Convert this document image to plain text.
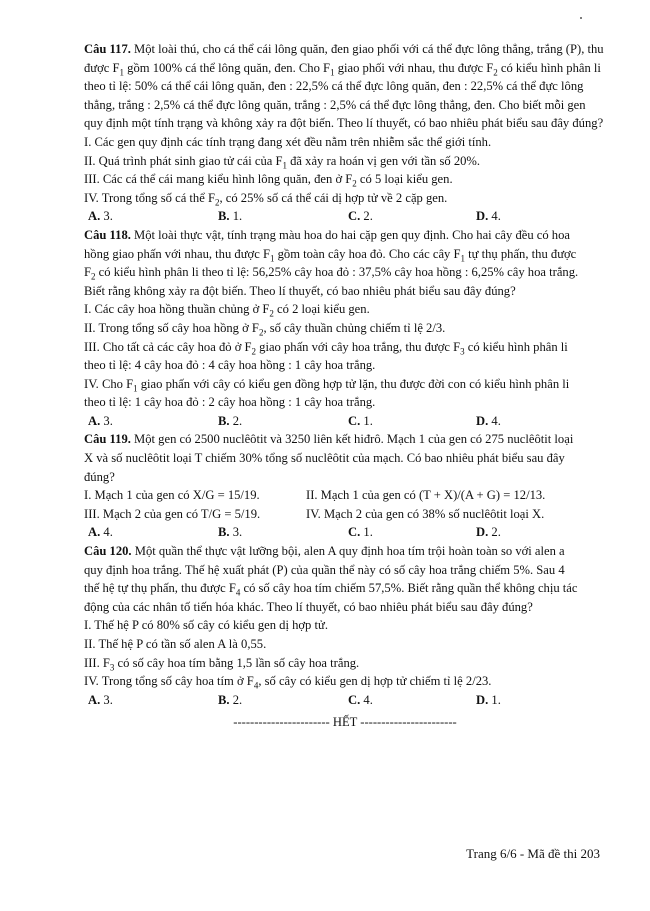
Câu 117. Một loài thú, cho cá thể cái lông quăn, đen giao phối với cá thể đực lông thẳng, trắng (P), thu

được $F_1$ gồm 100% cá thể lông quăn, đen. Cho $F_1$ giao phối với nhau, thu được $F_2$ có kiểu hình phân li

theo tỉ lệ: 50% cá thể cái lông quăn, đen : 22,5% cá thể đực lông quăn, đen : 22,5% cá thể đực lông

thẳng, trắng : 2,5% cá thể đực lông quăn, trắng : 2,5% cá thể đực lông thẳng, đen. Cho biết mỗi gen

quy định một tính trạng và không xảy ra đột biến. Theo lí thuyết, có bao nhiêu phát biểu sau đây đúng?

I. Các gen quy định các tính trạng đang xét đều nằm trên nhiễm sắc thể giới tính.

II. Quá trình phát sinh giao tử cái của $F_1$ đã xảy ra hoán vị gen với tần số 20%.

III. Các cá thể cái mang kiểu hình lông quăn, đen ở $F_2$ có 5 loại kiểu gen.

IV. Trong tổng số cá thể $F_2$, có 25% số cá thể cái dị hợp tử về 2 cặp gen.

A. 3.	B. 1.	C. 2.	D. 4.

Câu 118. Một loài thực vật, tính trạng màu hoa do hai cặp gen quy định. Cho hai cây đều có hoa

hồng giao phấn với nhau, thu được $F_1$ gồm toàn cây hoa đỏ. Cho các cây $F_1$ tự thụ phấn, thu được

$F_2$ có kiểu hình phân li theo tỉ lệ: 56,25% cây hoa đỏ : 37,5% cây hoa hồng : 6,25% cây hoa trắng.

Biết rằng không xảy ra đột biến. Theo lí thuyết, có bao nhiêu phát biểu sau đây đúng?

I. Các cây hoa hồng thuần chủng ở $F_2$ có 2 loại kiểu gen.

II. Trong tổng số cây hoa hồng ở $F_2$, số cây thuần chủng chiếm tỉ lệ 2/3.

III. Cho tất cả các cây hoa đỏ ở $F_2$ giao phấn với cây hoa trắng, thu được $F_3$ có kiểu hình phân li

theo tỉ lệ: 4 cây hoa đỏ : 4 cây hoa hồng : 1 cây hoa trắng.

IV. Cho $F_1$ giao phấn với cây có kiểu gen đồng hợp tử lặn, thu được đời con có kiểu hình phân li

theo tỉ lệ: 1 cây hoa đỏ : 2 cây hoa hồng : 1 cây hoa trắng.

A. 3.	B. 2.	C. 1.	D. 4.

Câu 119. Một gen có 2500 nuclêôtit và 3250 liên kết hiđrô. Mạch 1 của gen có 275 nuclêôtit loại

X và số nuclêôtit loại T chiếm 30% tổng số nuclêôtit của mạch. Có bao nhiêu phát biểu sau đây

đúng?

I. Mạch 1 của gen có X/G = 15/19.	II. Mạch 1 của gen có (T + X)/(A + G) = 12/13.
III. Mạch 2 của gen có T/G = 5/19.	IV. Mạch 2 của gen có 38% số nuclêôtit loại X.
A. 4.	B. 3.	C. 1.	D. 2.

Câu 120. Một quần thể thực vật lưỡng bội, alen A quy định hoa tím trội hoàn toàn so với alen a

quy định hoa trắng. Thế hệ xuất phát (P) của quần thể này có số cây hoa trắng chiếm 5%. Sau 4

thế hệ tự thụ phấn, thu được $F_4$ có số cây hoa tím chiếm 57,5%. Biết rằng quần thể không chịu tác

động của các nhân tố tiến hóa khác. Theo lí thuyết, có bao nhiêu phát biểu sau đây đúng?

I. Thế hệ P có 80% số cây có kiểu gen dị hợp tử.

II. Thế hệ P có tần số alen A là 0,55.

III. $F_3$ có số cây hoa tím bằng 1,5 lần số cây hoa trắng.

IV. Trong tổng số cây hoa tím ở $F_4$, số cây có kiểu gen dị hợp tử chiếm tỉ lệ 2/23.

A. 3.	B. 2.	C. 4.	D. 1.
----------------------- HẾT -----------------------
Trang 6/6 - Mã đề thi 203
